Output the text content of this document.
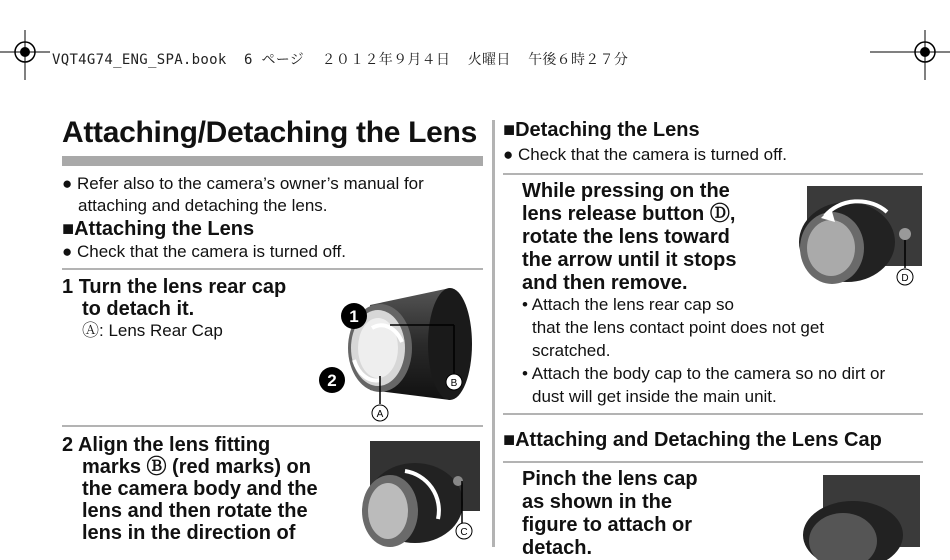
VQT4G74_ENG_SPA.book  6 ページ  ２０１２年９月４日  火曜日  午後６時２７分
Attaching/Detaching the Lens
● Refer also to the camera’s owner’s manual for
attaching and detaching the lens.
■Attaching the Lens
● Check that the camera is turned off.
1 Turn the lens rear cap
to detach it.
Ⓐ: Lens Rear Cap
1
2	B
A
2 Align the lens fitting
marks Ⓑ (red marks) on
the camera body and the
lens and then rotate the
lens in the direction of	C
■Detaching the Lens
● Check that the camera is turned off.
While pressing on the
lens release button Ⓓ,
rotate the lens toward
the arrow until it stops
and then remove.	D
• Attach the lens rear cap so
that the lens contact point does not get
scratched.
• Attach the body cap to the camera so no dirt or
dust will get inside the main unit.
■Attaching and Detaching the Lens Cap
Pinch the lens cap
as shown in the
figure to attach or
detach.
